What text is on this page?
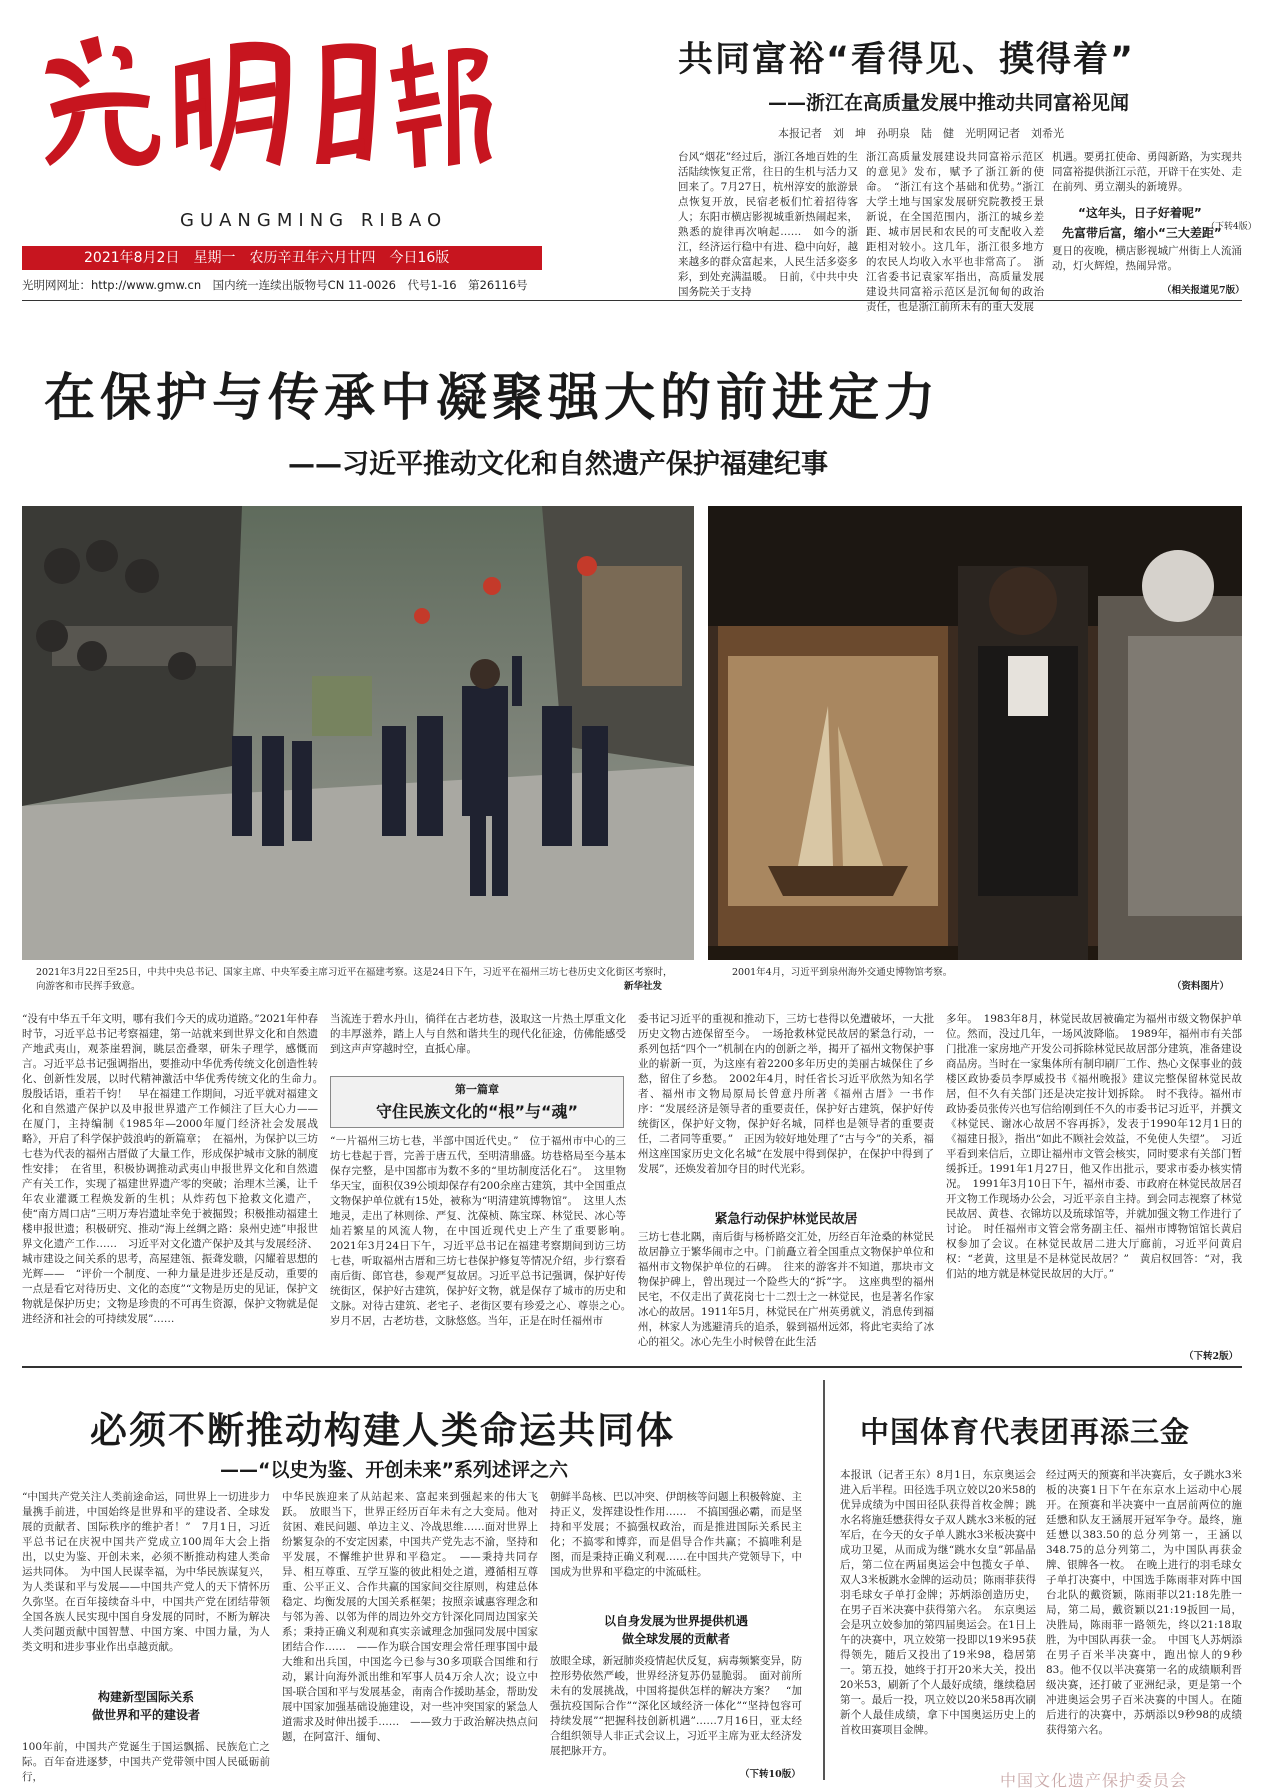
GUANGMING RIBAO
2021年8月2日　星期一　农历辛丑年六月廿四　今日16版
光明网网址：http://www.gmw.cn　国内统一连续出版物号CN 11-0026　代号1-16　第26116号
共同富裕“看得见、摸得着”
——浙江在高质量发展中推动共同富裕见闻
本报记者　刘　坤　孙明泉　陆　健　光明网记者　刘希光
台风“烟花”经过后，浙江各地百姓的生活陆续恢复正常，往日的生机与活力又回来了。7月27日，杭州淳安的旅游景点恢复开放，民宿老板们忙着招待客人；东阳市横店影视城重新热闹起来，熟悉的旋律再次响起……　如今的浙江，经济运行稳中有进、稳中向好，越来越多的群众富起来，人民生活多姿多彩，到处充满温暖。　日前，《中共中央　国务院关于支持
浙江高质量发展建设共同富裕示范区的意见》发布，赋予了浙江新的使命。　“浙江有这个基础和优势。”浙江大学土地与国家发展研究院教授王景新说，在全国范围内，浙江的城乡差距、城市居民和农民的可支配收入差距相对较小。这几年，浙江很多地方的农民人均收入水平也非常高了。　浙江省委书记袁家军指出，高质量发展建设共同富裕示范区是沉甸甸的政治责任，也是浙江前所未有的重大发展
机遇。要勇扛使命、勇闯新路，为实现共同富裕提供浙江示范，开辟干在实处、走在前列、勇立潮头的新境界。
“这年头，日子好着呢”
（下转4版）
先富带后富，缩小“三大差距”
夏日的夜晚，横店影视城广州街上人流涌动，灯火辉煌，热闹异常。
（相关报道见7版）
在保护与传承中凝聚强大的前进定力
——习近平推动文化和自然遗产保护福建纪事
2021年3月22日至25日，中共中央总书记、国家主席、中央军委主席习近平在福建考察。这是24日下午，习近平在福州三坊七巷历史文化街区考察时，向游客和市民挥手致意。	新华社发
2001年4月，习近平到泉州海外交通史博物馆考察。
（资料图片）
“没有中华五千年文明，哪有我们今天的成功道路。”2021年仲春时节，习近平总书记考察福建，第一站就来到世界文化和自然遗产地武夷山，观茶崖碧涧，眺层峦叠翠，研朱子理学，感慨而言。习近平总书记强调指出，要推动中华优秀传统文化创造性转化、创新性发展，以时代精神激活中华优秀传统文化的生命力。　殷殷话语，重若千钧！　早在福建工作期间，习近平就对福建文化和自然遗产保护以及申报世界遗产工作倾注了巨大心力——　在厦门，主持编制《1985年—2000年厦门经济社会发展战略》，开启了科学保护鼓浪屿的新篇章；　在福州，为保护以三坊七巷为代表的福州古厝做了大量工作，形成保护城市文脉的制度性安排；　在省里，积极协调推动武夷山申报世界文化和自然遗产有关工作，实现了福建世界遗产零的突破；治理木兰溪，让千年农业灌溉工程焕发新的生机；从炸药包下抢救文化遗产，使“南方周口店”三明万寿岩遗址幸免于被掘毁；积极推动福建土楼申报世遗；积极研究、推动“海上丝绸之路：泉州史迹”申报世界文化遗产工作……　习近平对文化遗产保护及其与发展经济、城市建设之间关系的思考，高屋建瓴、振聋发聩，闪耀着思想的光辉——　“评价一个制度、一种力量是进步还是反动，重要的一点是看它对待历史、文化的态度”“文物是历史的见证，保护文物就是保护历史；文物是珍贵的不可再生资源，保护文物就是促进经济和社会的可持续发展”……
当流连于碧水丹山，徜徉在古老坊巷，汲取这一片热土厚重文化的丰厚滋养，踏上人与自然和谐共生的现代化征途，仿佛能感受到这声声穿越时空，直抵心扉。
第一篇章
守住民族文化的“根”与“魂”
“一片福州三坊七巷，半部中国近代史。”　位于福州市中心的三坊七巷起于晋，完善于唐五代，至明清鼎盛。坊巷格局至今基本保存完整，是中国都市为数不多的“里坊制度活化石”。　这里物华天宝，面积仅39公顷却保存有200余座古建筑，其中全国重点文物保护单位就有15处，被称为“明清建筑博物馆”。　这里人杰地灵，走出了林则徐、严复、沈葆桢、陈宝琛、林觉民、冰心等灿若繁星的风流人物，在中国近现代史上产生了重要影响。　2021年3月24日下午，习近平总书记在福建考察期间到访三坊七巷，听取福州古厝和三坊七巷保护修复等情况介绍，步行察看南后街、郎官巷，参观严复故居。习近平总书记强调，保护好传统街区，保护好古建筑，保护好文物，就是保存了城市的历史和文脉。对待古建筑、老宅子、老街区要有珍爱之心、尊崇之心。　岁月不居，古老坊巷，文脉悠悠。当年，正是在时任福州市
委书记习近平的重视和推动下，三坊七巷得以免遭破坏，一大批历史文物古迹保留至今。　一场抢救林觉民故居的紧急行动，一系列包括“四个一”机制在内的创新之举，揭开了福州文物保护事业的崭新一页，为这座有着2200多年历史的美丽古城保住了乡愁，留住了乡愁。　2002年4月，时任省长习近平欣然为知名学者、福州市文物局原局长曾意丹所著《福州古厝》一书作序：“发展经济是领导者的重要责任，保护好古建筑，保护好传统街区，保护好文物，保护好名城，同样也是领导者的重要责任，二者同等重要。”　正因为较好地处理了“古与今”的关系，福州这座国家历史文化名城“在发展中得到保护，在保护中得到了发展”，还焕发着加夺目的时代光彩。
紧急行动保护林觉民故居
三坊七巷北隅，南后街与杨桥路交汇处，历经百年沧桑的林觉民故居静立于繁华闹市之中。门前矗立着全国重点文物保护单位和福州市文物保护单位的石碑。　往来的游客并不知道，那块市文物保护碑上，曾出现过一个险些大的“拆”字。　这座典型的福州民宅，不仅走出了黄花岗七十二烈士之一林觉民，也是著名作家冰心的故居。1911年5月，林觉民在广州英勇就义，消息传到福州，林家人为逃避清兵的追杀，躲到福州远郊，将此宅卖给了冰心的祖父。冰心先生小时候曾在此生活
多年。　1983年8月，林觉民故居被确定为福州市级文物保护单位。然而，没过几年，一场风波降临。　1989年，福州市有关部门批准一家房地产开发公司拆除林觉民故居部分建筑，准备建设商品房。当时在一家集体所有制印刷厂工作、热心文保事业的鼓楼区政协委员李厚威投书《福州晚报》建议完整保留林觉民故居，但不久有关部门还是决定按计划拆除。　时不我待。福州市政协委员张传兴也写信给刚到任不久的市委书记习近平，并撰文《林觉民、谢冰心故居不容再拆》，发表于1990年12月1日的《福建日报》，指出“如此不顾社会效益，不免使人失望”。　习近平看到来信后，立即让福州市文管会核实，同时要求有关部门暂缓拆迁。1991年1月27日，他又作出批示，要求市委办核实情况。　1991年3月10日下午，福州市委、市政府在林觉民故居召开文物工作现场办公会，习近平亲自主持。到会同志视察了林觉民故居、黄巷、衣锦坊以及琉球馆等，并就加强文物工作进行了讨论。　时任福州市文管会常务副主任、福州市博物馆馆长黄启权参加了会议。在林觉民故居二进大厅廊前，习近平问黄启权：“老黄，这里是不是林觉民故居？”　黄启权回答：“对，我们站的地方就是林觉民故居的大厅。”
（下转2版）
必须不断推动构建人类命运共同体
——“以史为鉴、开创未来”系列述评之六
“中国共产党关注人类前途命运，同世界上一切进步力量携手前进，中国始终是世界和平的建设者、全球发展的贡献者、国际秩序的维护者！”　7月1日，习近平总书记在庆祝中国共产党成立100周年大会上指出，以史为鉴、开创未来，必须不断推动构建人类命运共同体。　为中国人民谋幸福，为中华民族谋复兴，为人类谋和平与发展——中国共产党人的天下情怀历久弥坚。在百年接续奋斗中，中国共产党在团结带领全国各族人民实现中国自身发展的同时，不断为解决人类问题贡献中国智慧、中国方案、中国力量，为人类文明和进步事业作出卓越贡献。
构建新型国际关系
做世界和平的建设者
100年前，中国共产党诞生于国运飘摇、民族危亡之际。百年奋进逐梦，中国共产党带领中国人民砥砺前行，
中华民族迎来了从站起来、富起来到强起来的伟大飞跃。　放眼当下，世界正经历百年未有之大变局。他对贫困、难民问题、单边主义、冷战思维……面对世界上纷繁复杂的不安定因素，中国共产党先志不渝，坚持和平发展，不懈维护世界和平稳定。　——秉持共同存异、相互尊重、互学互鉴的彼此相处之道，遵循相互尊重、公平正义、合作共赢的国家间交往原则，构建总体稳定、均衡发展的大国关系框架；按照亲诚惠容理念和与邻为善、以邻为伴的周边外交方针深化同周边国家关系；秉持正确义利观和真实亲诚理念加强同发展中国家团结合作……　——作为联合国安理会常任理事国中最大维和出兵国，中国迄今已参与30多项联合国维和行动，累计向海外派出维和军事人员4万余人次；设立中国-联合国和平与发展基金，南南合作援助基金，帮助发展中国家加强基础设施建设，对一些冲突国家的紧急人道需求及时伸出援手……　——致力于政治解决热点问题，在阿富汗、缅甸、
朝鲜半岛核、巴以冲突、伊朗核等问题上积极斡旋、主持正义，发挥建设性作用……　不搞国强必霸，而是坚持和平发展；不搞强权政治，而是推进国际关系民主化；不搞零和博弈，而是倡导合作共赢；不搞唯利是图，而是秉持正确义利观……在中国共产党领导下，中国成为世界和平稳定的中流砥柱。
以自身发展为世界提供机遇
做全球发展的贡献者
放眼全球，新冠肺炎疫情起伏反复，病毒频繁变异，防控形势依然严峻，世界经济复苏仍显脆弱。　面对前所未有的发展挑战，中国将提供怎样的解决方案？　“加强抗疫国际合作”“深化区域经济一体化”“坚持包容可持续发展”“把握科技创新机遇”……7月16日，亚太经合组织领导人非正式会议上，习近平主席为亚太经济发展把脉开方。
（下转10版）
中国体育代表团再添三金
本报讯（记者王东）8月1日，东京奥运会进入后半程。田径选手巩立姣以20米58的优异成绩为中国田径队获得首枚金牌；跳水名将施廷懋获得女子双人跳水3米板的冠军后，在今天的女子单人跳水3米板决赛中成功卫冕，从而成为继“跳水女皇”郭晶晶后，第二位在两届奥运会中包揽女子单、双人3米板跳水金牌的运动员；陈雨菲获得羽毛球女子单打金牌；苏炳添创造历史，在男子百米决赛中获得第六名。　东京奥运会是巩立姣参加的第四届奥运会。在1日上午的决赛中，巩立姣第一投即以19米95获得领先，随后又投出了19米98，稳居第一。第五投，她终于打开20米大关，投出20米53，刷新了个人最好成绩，继续稳居第一。最后一投，巩立姣以20米58再次刷新个人最佳成绩，拿下中国奥运历史上的首枚田赛项目金牌。
经过两天的预赛和半决赛后，女子跳水3米板的决赛1日下午在东京水上运动中心展开。在预赛和半决赛中一直居前两位的施廷懋和队友王涵展开冠军争夺。最终，施廷懋以383.50的总分列第一，王涵以348.75的总分列第二，为中国队再获金牌、银牌各一枚。　在晚上进行的羽毛球女子单打决赛中，中国选手陈雨菲对阵中国台北队的戴资颖，陈雨菲以21:18先胜一局，第二局，戴资颖以21:19扳回一局，决胜局，陈雨菲一路领先，终以21:18取胜，为中国队再获一金。　中国飞人苏炳添在男子百米半决赛中，跑出惊人的9秒83。他不仅以半决赛第一名的成绩顺利晋级决赛，还打破了亚洲纪录，更是第一个冲进奥运会男子百米决赛的中国人。在随后进行的决赛中，苏炳添以9秒98的成绩获得第六名。
中国文化遗产保护委员会
